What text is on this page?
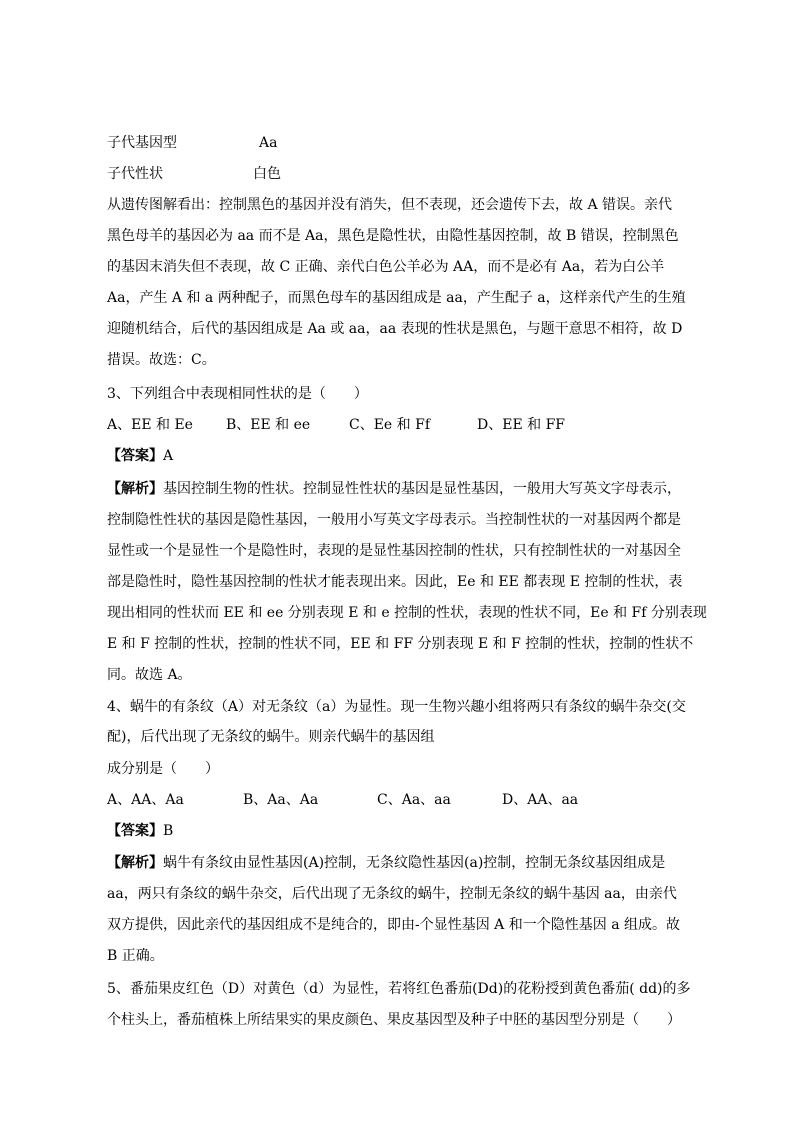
子代基因型	Aa
子代性状	白色
从遗传图解看出：控制黑色的基因并没有消失，但不表现，还会遗传下去，故 A 错误。亲代
黑色母羊的基因必为 aa 而不是 Aa，黑色是隐性状，由隐性基因控制，故 B 错误，控制黑色
的基因末消失但不表现，故 C 正确、亲代白色公羊必为 AA，而不是必有 Aa，若为白公羊
Aa，产生 A 和 a 两种配子，而黑色母车的基因组成是 aa，产生配子 a，这样亲代产生的生殖
迎随机结合，后代的基因组成是 Aa 或 aa，aa 表现的性状是黑色，与题干意思不相符，故 D
措误。故选：C。
3、下列组合中表现相同性状的是（　　）
A、EE 和 Ee B、EE 和 ee	C、Ee 和 Ff	D、EE 和 FF
【答案】A
【解析】基因控制生物的性状。控制显性性状的基因是显性基因，一般用大写英文字母表示，
控制隐性性状的基因是隐性基因，一般用小写英文字母表示。当控制性状的一对基因两个都是
显性或一个是显性一个是隐性时，表现的是显性基因控制的性状，只有控制性状的一对基因全
部是隐性时，隐性基因控制的性状才能表现出来。因此，Ee 和 EE 都表现 E 控制的性状，表
现出相同的性状而 EE 和 ee 分别表现 E 和 e 控制的性状，表现的性状不同，Ee 和 Ff 分别表现
E 和 F 控制的性状，控制的性状不同，EE 和 FF 分别表现 E 和 F 控制的性状，控制的性状不
同。故选 A。
4、蜗牛的有条纹（A）对无条纹（a）为显性。现一生物兴趣小组将两只有条纹的蜗牛杂交(交
配)，后代出现了无条纹的蜗牛。则亲代蜗牛的基因组
成分别是（　　）
A、AA、Aa	B、Aa、Aa	C、Aa、aa	D、AA、aa
【答案】B
【解析】蜗牛有条纹由显性基因(A)控制，无条纹隐性基因(a)控制，控制无条纹基因组成是
aa，两只有条纹的蜗牛杂交，后代出现了无条纹的蜗牛，控制无条纹的蜗牛基因 aa，由亲代
双方提供，因此亲代的基因组成不是纯合的，即由-个显性基因 A 和一个隐性基因 a 组成。故
B 正确。
5、番茄果皮红色（D）对黄色（d）为显性，若将红色番茄(Dd)的花粉授到黄色番茄( dd)的多
个柱头上，番茄植株上所结果实的果皮颜色、果皮基因型及种子中胚的基因型分别是（　　）
